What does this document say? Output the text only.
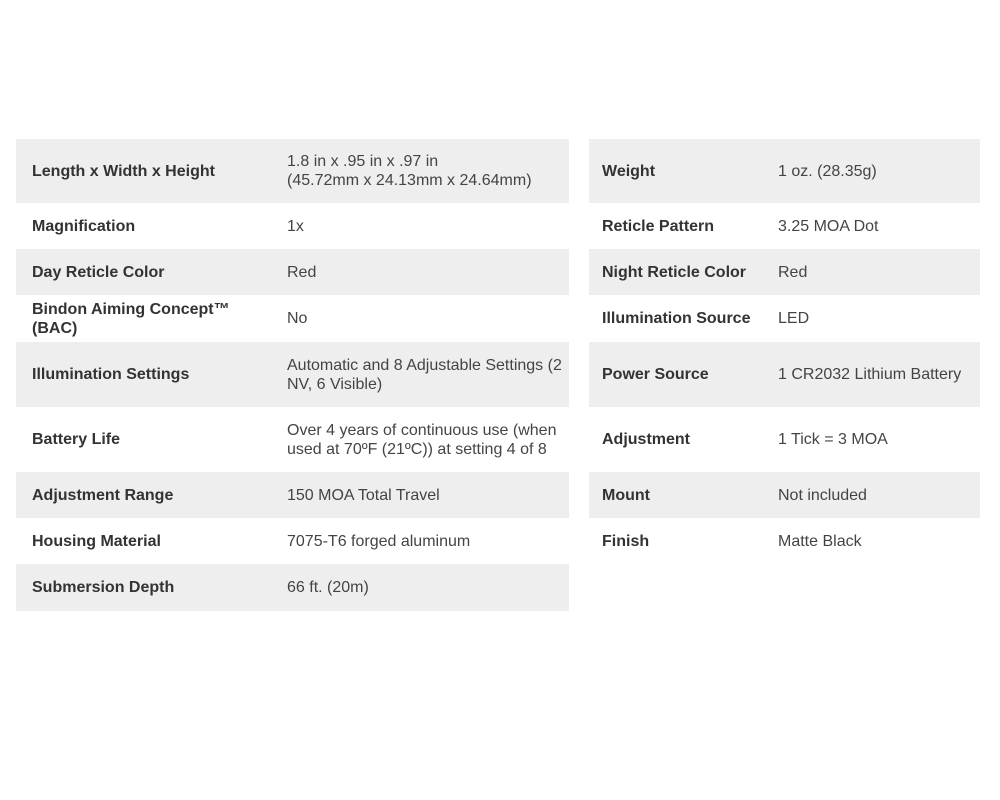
Length x Width x Height	1.8 in x .95 in x .97 in
(45.72mm x 24.13mm x 24.64mm)
Magnification	1x
Day Reticle Color	Red
Bindon Aiming Concept™ (BAC)	No
Illumination Settings	Automatic and 8 Adjustable Settings (2
NV, 6 Visible)
Battery Life	Over 4 years of continuous use (when
used at 70ºF (21ºC)) at setting 4 of 8
Adjustment Range	150 MOA Total Travel
Housing Material	7075-T6 forged aluminum
Submersion Depth	66 ft. (20m)
Weight	1 oz. (28.35g)
Reticle Pattern	3.25 MOA Dot
Night Reticle Color	Red
Illumination Source	LED
Power Source	1 CR2032 Lithium Battery
Adjustment	1 Tick = 3 MOA
Mount	Not included
Finish	Matte Black
